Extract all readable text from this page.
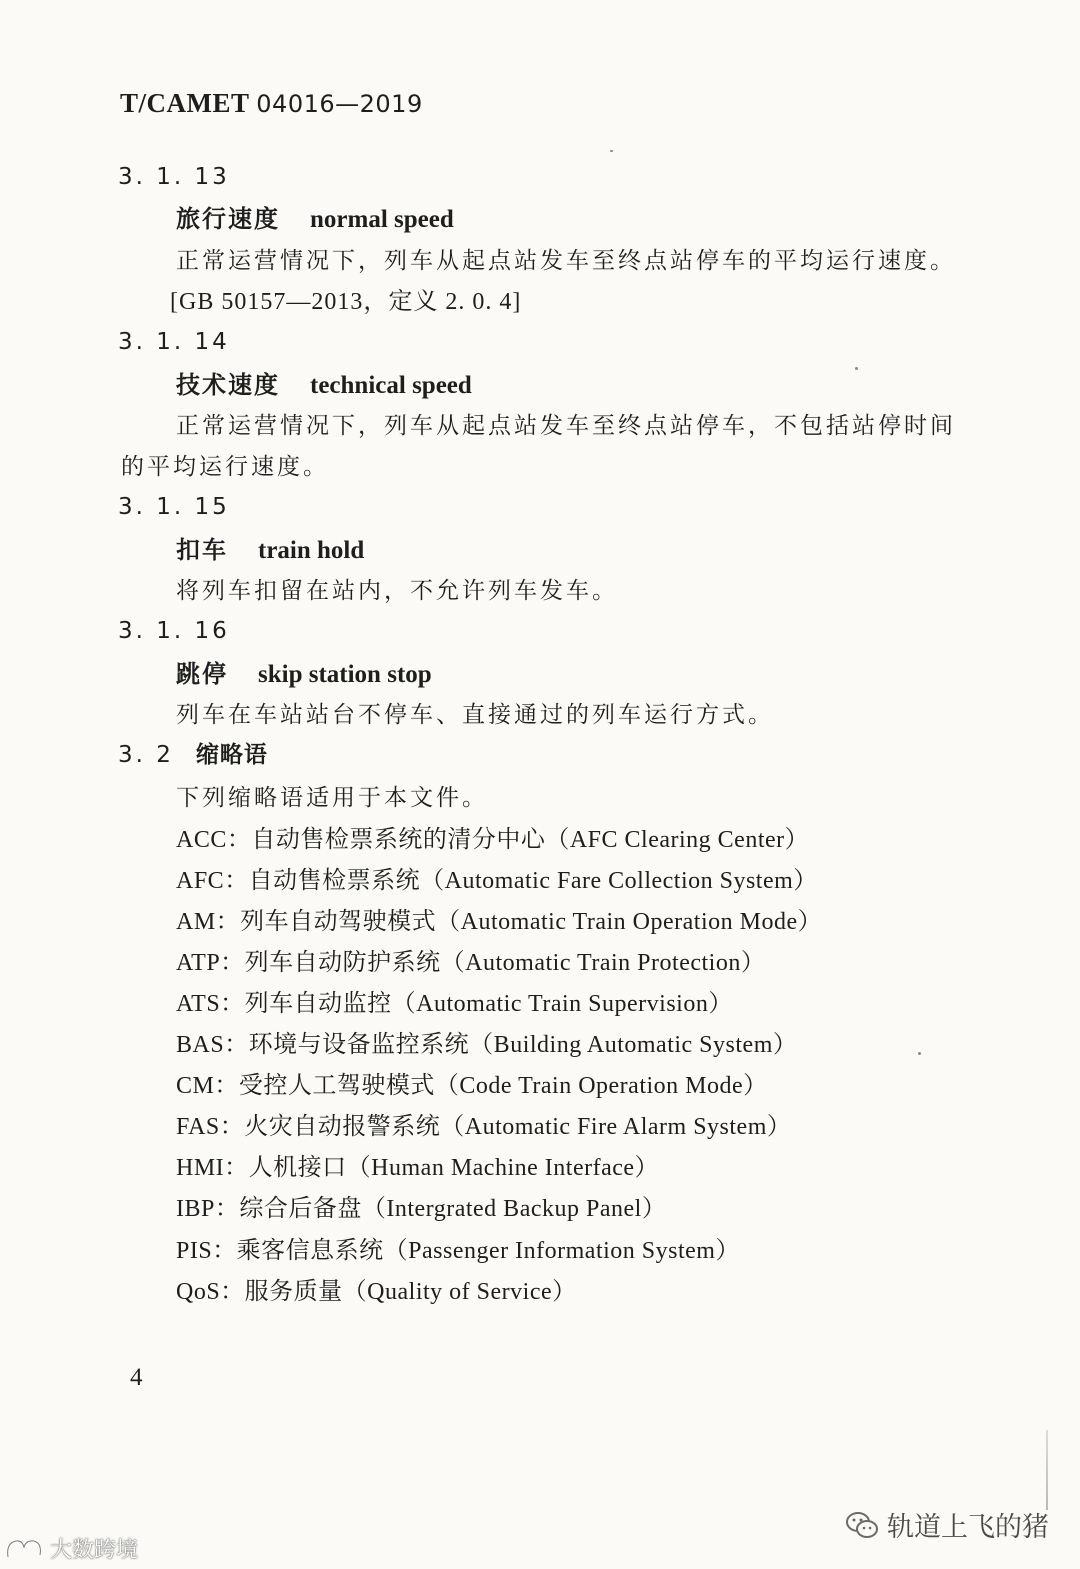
T/CAMET 04016—2019
3. 1. 13
旅行速度 normal speed
正常运营情况下，列车从起点站发车至终点站停车的平均运行速度。
[GB 50157—2013，定义 2. 0. 4]
3. 1. 14
技术速度 technical speed
正常运营情况下，列车从起点站发车至终点站停车，不包括站停时间
的平均运行速度。
3. 1. 15
扣车 train hold
将列车扣留在站内，不允许列车发车。
3. 1. 16
跳停 skip station stop
列车在车站站台不停车、直接通过的列车运行方式。
3. 2 缩略语
下列缩略语适用于本文件。
ACC：自动售检票系统的清分中心（AFC Clearing Center）
AFC：自动售检票系统（Automatic Fare Collection System）
AM：列车自动驾驶模式（Automatic Train Operation Mode）
ATP：列车自动防护系统（Automatic Train Protection）
ATS：列车自动监控（Automatic Train Supervision）
BAS：环境与设备监控系统（Building Automatic System）
CM：受控人工驾驶模式（Code Train Operation Mode）
FAS：火灾自动报警系统（Automatic Fire Alarm System）
HMI：人机接口（Human Machine Interface）
IBP：综合后备盘（Intergrated Backup Panel）
PIS：乘客信息系统（Passenger Information System）
QoS：服务质量（Quality of Service）
4
轨道上飞的猪
大数跨境
